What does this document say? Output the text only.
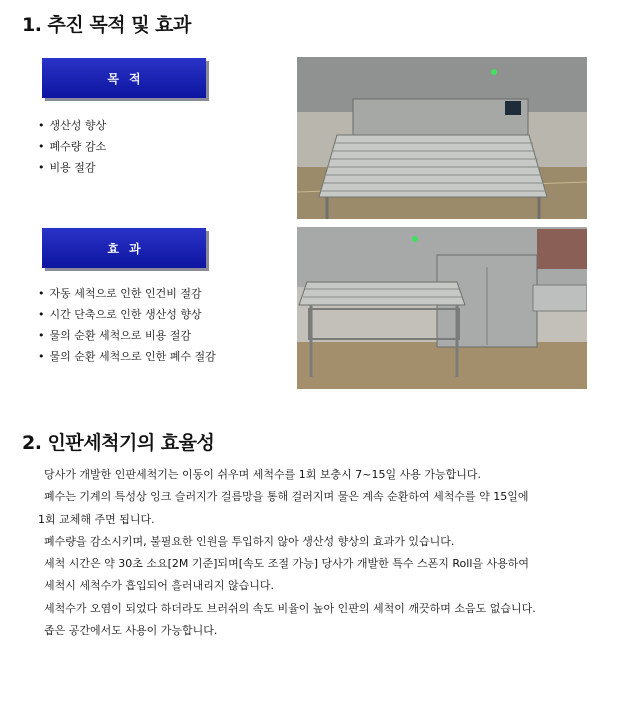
1. 추진 목적 및 효과
목적
• 생산성 향상
• 폐수량 감소
• 비용 절감
효과
• 자동 세척으로 인한 인건비 절감
• 시간 단축으로 인한 생산성 향상
• 물의 순환 세척으로 비용 절감
• 물의 순환 세척으로 인한 폐수 절감
2. 인판세척기의 효율성

당사가 개발한 인판세척기는 이동이 쉬우며 세척수를 1회 보충시 7~15일 사용 가능합니다.

폐수는 기계의 특성상 잉크 슬러지가 걸름망을 통해 걸러지며 물은 계속 순환하여 세척수를 약 15일에

1회 교체해 주면 됩니다.

폐수량을 감소시키며, 불필요한 인원을 투입하지 않아 생산성 향상의 효과가 있습니다.

세척 시간은 약 30초 소요[2M 기준]되며[속도 조절 가능] 당사가 개발한 특수 스폰지 Roll을 사용하여

세척시 세척수가 흡입되어 흘러내리지 않습니다.

세척수가 오염이 되었다 하더라도 브러쉬의 속도 비율이 높아 인판의 세척이 깨끗하며 소음도 없습니다.

좁은 공간에서도 사용이 가능합니다.
